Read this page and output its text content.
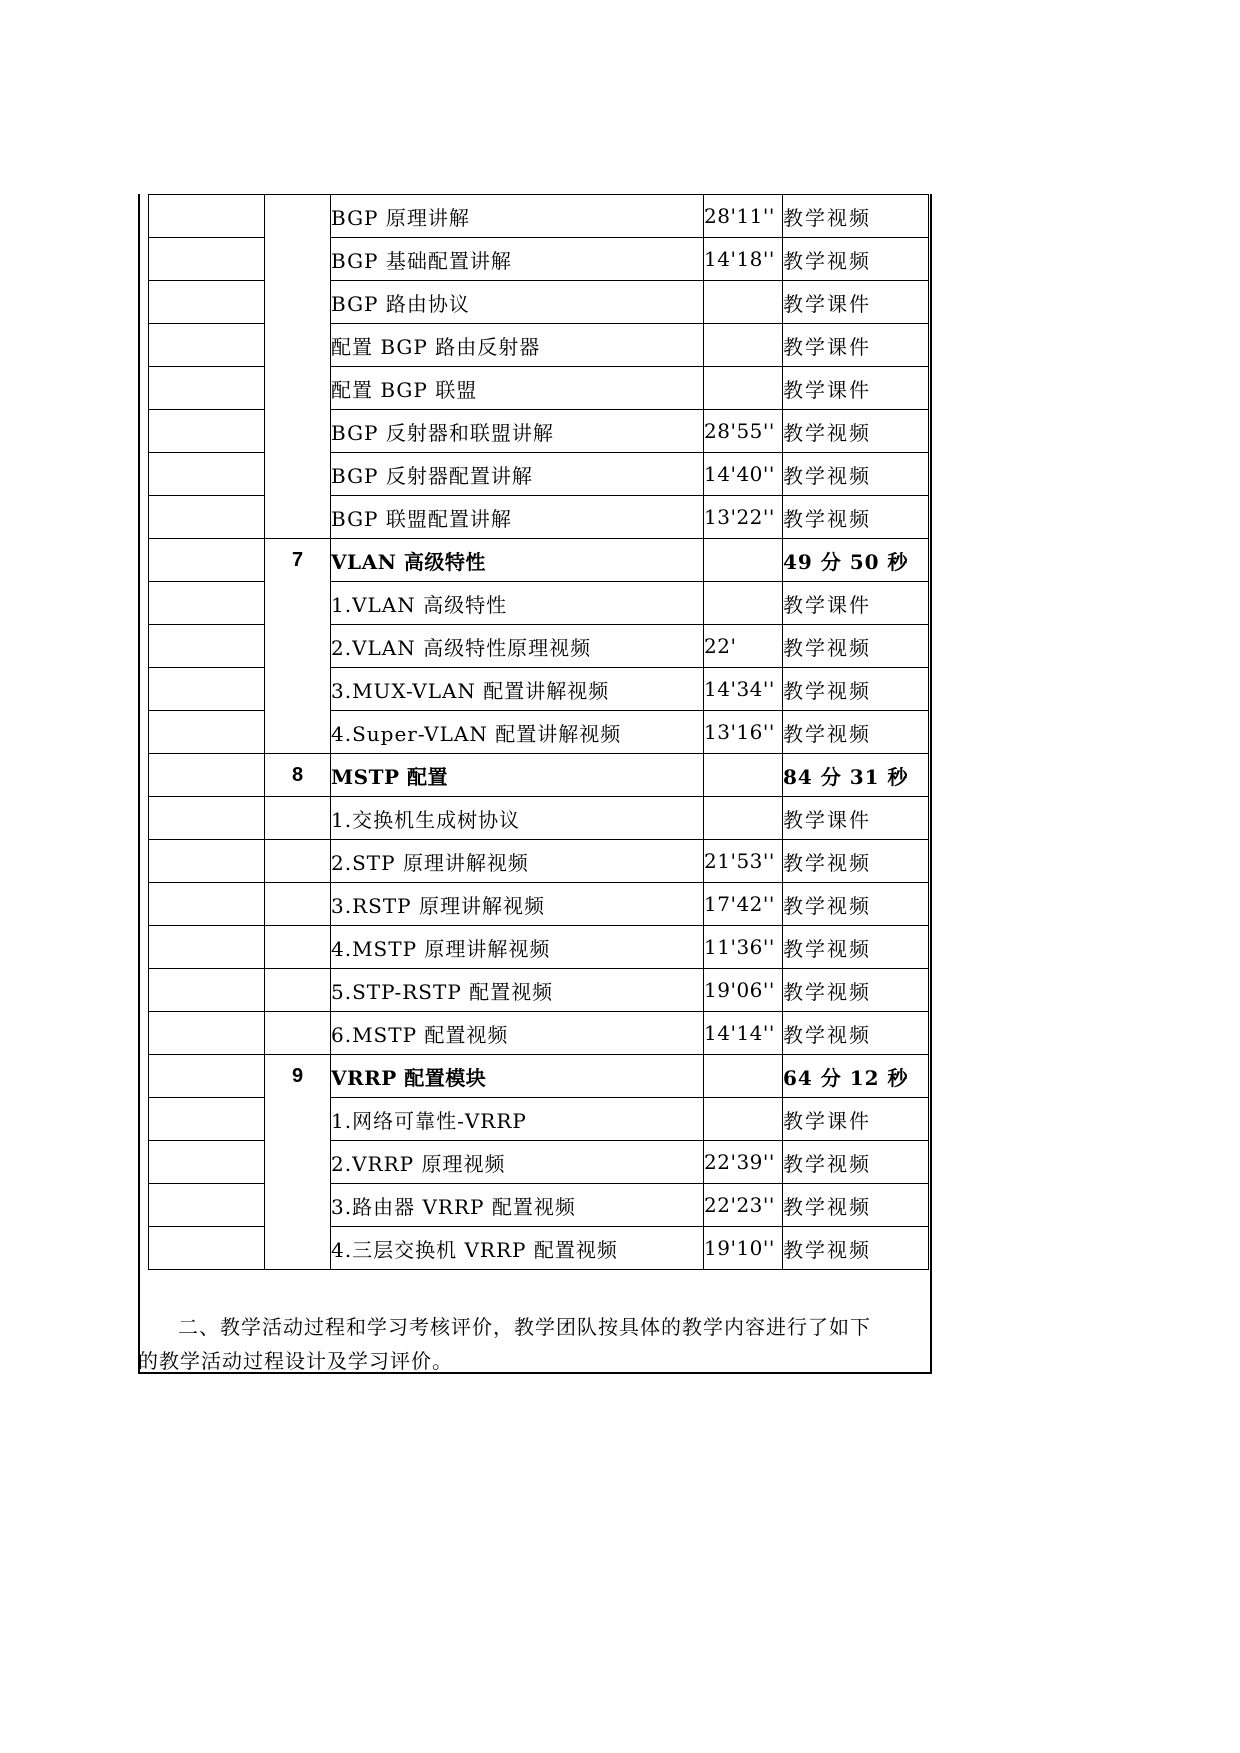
		BGP 原理讲解	28'11''	教学视频
		BGP 基础配置讲解	14'18''	教学视频
		BGP 路由协议		教学课件
		配置 BGP 路由反射器		教学课件
		配置 BGP 联盟		教学课件
		BGP 反射器和联盟讲解	28'55''	教学视频
		BGP 反射器配置讲解	14'40''	教学视频
		BGP 联盟配置讲解	13'22''	教学视频
	7	VLAN 高级特性		49 分 50 秒
		1.VLAN 高级特性		教学课件
		2.VLAN 高级特性原理视频	22'	教学视频
		3.MUX-VLAN 配置讲解视频	14'34''	教学视频
		4.Super-VLAN 配置讲解视频	13'16''	教学视频
	8	MSTP 配置		84 分 31 秒
		1.交换机生成树协议		教学课件
		2.STP 原理讲解视频	21'53''	教学视频
		3.RSTP 原理讲解视频	17'42''	教学视频
		4.MSTP 原理讲解视频	11'36''	教学视频
		5.STP-RSTP 配置视频	19'06''	教学视频
		6.MSTP 配置视频	14'14''	教学视频
	9	VRRP 配置模块		64 分 12 秒
		1.网络可靠性-VRRP		教学课件
		2.VRRP 原理视频	22'39''	教学视频
		3.路由器 VRRP 配置视频	22'23''	教学视频
		4.三层交换机 VRRP 配置视频	19'10''	教学视频

二、教学活动过程和学习考核评价，教学团队按具体的教学内容进行了如下

的教学活动过程设计及学习评价。
